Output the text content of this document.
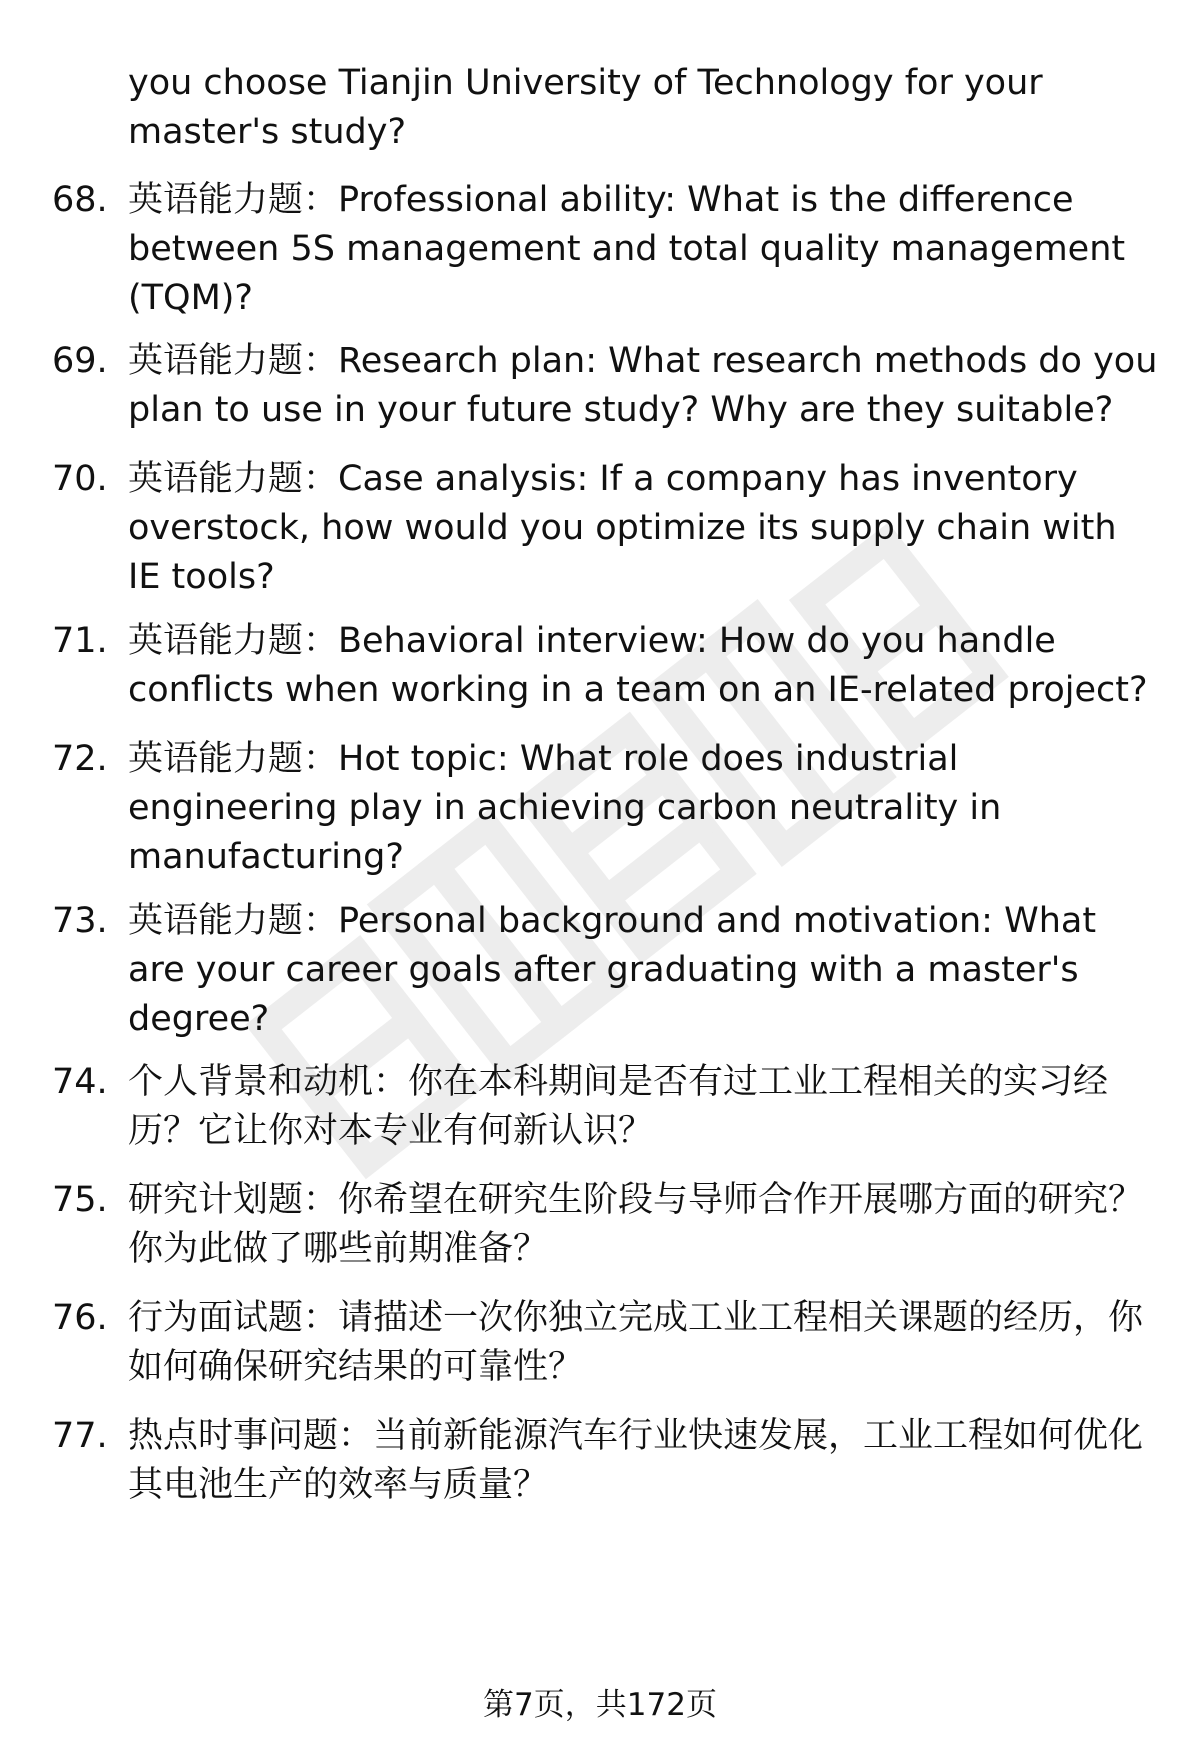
you choose Tianjin University of Technology for your master's study?
68. 英语能力题：Professional ability: What is the difference between 5S management and total quality management (TQM)?
69. 英语能力题：Research plan: What research methods do you plan to use in your future study? Why are they suitable?
70. 英语能力题：Case analysis: If a company has inventory overstock, how would you optimize its supply chain with IE tools?
71. 英语能力题：Behavioral interview: How do you handle conflicts when working in a team on an IE-related project?
72. 英语能力题：Hot topic: What role does industrial engineering play in achieving carbon neutrality in manufacturing?
73. 英语能力题：Personal background and motivation: What are your career goals after graduating with a master's degree?
74. 个人背景和动机：你在本科期间是否有过工业工程相关的实习经历？它让你对本专业有何新认识？
75. 研究计划题：你希望在研究生阶段与导师合作开展哪方面的研究？你为此做了哪些前期准备？
76. 行为面试题：请描述一次你独立完成工业工程相关课题的经历，你如何确保研究结果的可靠性？
77. 热点时事问题：当前新能源汽车行业快速发展，工业工程如何优化其电池生产的效率与质量？
第7页，共172页
